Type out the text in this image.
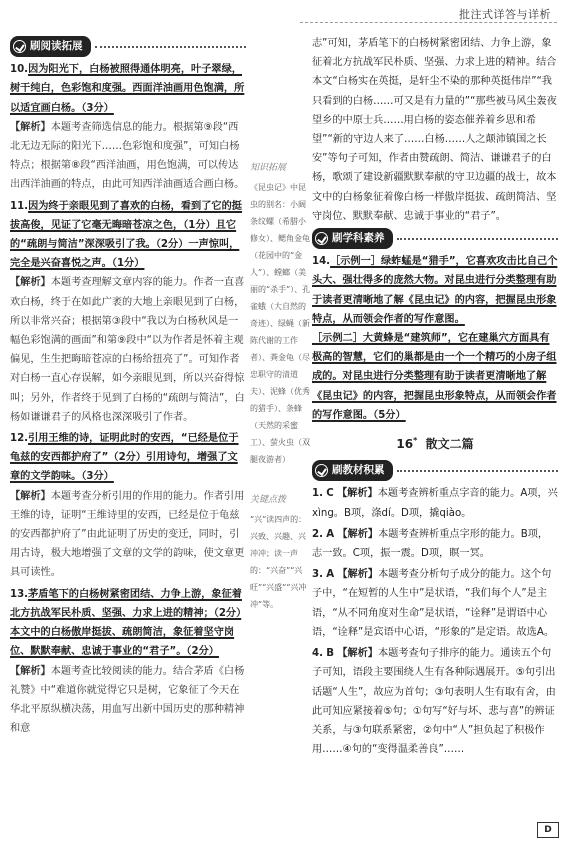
批注式详答与详析
刷阅读拓展
10.因为阳光下，白杨被照得通体明亮，叶子翠绿，树干纯白，色彩饱和度强。西面洋油画用色饱满，所以适宜画白杨。（3分）
【解析】本题考查筛选信息的能力。根据第⑨段“西北无边无际的阳光下……色彩饱和度强”，可知白杨特点；根据第⑧段“西洋油画，用色饱满，可以传达出西洋油画的特点，由此可知西洋油画适合画白杨。
11.因为终于亲眼见到了喜欢的白杨，看到了它的挺拔高俊，见证了它毫无晦暗苍凉之色，（1分）且它的“疏朗与简洁”深深吸引了我。（2分）一声惊叫，完全是兴奋喜悦之声。（1分）
【解析】本题考查理解文章内容的能力。作者一直喜欢白杨，终于在如此广袤的大地上亲眼见到了白杨，所以非常兴奋；根据第③段中“我以为白杨秋风是一幅色彩饱满的画面”和第⑨段中“以为作者是怀着主观偏见，生生把晦暗苍凉的白杨给扭亮了”。可知作者对白杨一直心存误解，如今亲眼见到，所以兴奋得惊叫；另外，作者终于见到了白杨的“疏朗与简洁”，白杨如谦谦君子的风格也深深吸引了作者。
12.引用王维的诗，证明此时的安西，“已经是位于龟兹的安西都护府了”（2分）引用诗句，增强了文章的文学韵味。（3分）
【解析】本题考查分析引用的作用的能力。作者引用王维的诗，证明“王维诗里的安西，已经是位于龟兹的安西都护府了”由此证明了历史的变迁，同时，引用古诗，极大地增强了文章的文学的韵味，使文章更具可读性。
13.茅盾笔下的白杨树紧密团结、力争上游，象征着北方抗战军民朴质、坚强、力求上进的精神；（2分）本文中的白杨傲岸挺拔、疏朗简洁，象征着坚守岗位、默默奉献、忠诚于事业的“君子”。（2分）
【解析】本题考查比较阅读的能力。结合茅盾《白杨礼赞》中“难道你就觉得它只是树，它象征了今天在华北平原纵横决荡，用血写出新中国历史的那种精神和意
知识拓展
《昆虫记》中昆虫的别名：小阔条纹螺（希腊小修女）、鳃角金龟（花园中的“金人”）、螳螂（美丽的“杀手”）、孔雀蛾（大自然的奇迹）、绿蝇（新陈代谢的工作者）、粪金龟（尽忠职守的清道夫）、泥蜂（优秀的猎手）、条蜂（天然的采蜜工）、萤火虫（双腿夜游者）
关键点拨
“兴”读四声的：兴致、兴趣、兴冲冲；读一声的：“兴奋”“兴旺”“兴盛”“兴冲冲”等。
志”可知，茅盾笔下的白杨树紧密团结、力争上游，象征着北方抗战军民朴质、坚强、力求上进的精神。结合本文“白杨实在英挺，是轩尘不染的那种英挺伟岸”“我只看到的白杨……可又是有力量的”“那些被马风尘轰夜望乡的中原士兵……用白杨的姿态催养着乡思和希望”“新的守边人来了……白杨……人之颠沛镇国之长安”等句子可知，作者由赞疏朗、简洁、谦谦君子的白杨，歌颂了建设新疆默默奉献的守卫边疆的战士，故本文中的白杨象征着像白杨一样傲岸挺拔、疏朗简洁、坚守岗位、默默奉献、忠诚于事业的“君子”。
刷学科素养
14.［示例一］绿蚱蜢是“猎手”，它喜欢攻击比自己个头大、强壮得多的庞然大物。对昆虫进行分类整理有助于读者更清晰地了解《昆虫记》的内容，把握昆虫形象特点，从而领会作者的写作意图。
［示例二］大黄蜂是“建筑师”，它在建巢穴方面具有极高的智慧，它们的巢都是由一个一个精巧的小房子组成的。对昆虫进行分类整理有助于读者更清晰地了解《昆虫记》的内容，把握昆虫形象特点，从而领会作者的写作意图。（5分）
16* 散文二篇
刷教材积累
1. C 【解析】本题考查辨析重点字音的能力。A项，兴xìng。B项，涤dí。D项，撬qiào。
2. A 【解析】本题考查辨析重点字形的能力。B项，志一致。C项，振一震。D项，瞑一冥。
3. A 【解析】本题考查分析句子成分的能力。这个句子中，“在短暂的人生中”是状语，“我们每个人”是主语，“从不同角度对生命”是状语，“诠释”是谓语中心语，“诠释”是宾语中心语，“形象的”是定语。故选A。
4. B 【解析】本题考查句子排序的能力。通读五个句子可知，语段主要围绕人生有各种际遇展开。⑤句引出话题“人生”，故应为首句；③句表明人生有取有舍，由此可知应紧接着⑤句；①句写“好与坏、悲与喜”的辨证关系，与③句联系紧密，②句中“人”担负起了积极作用……④句的“变得温柔善良”……
D
